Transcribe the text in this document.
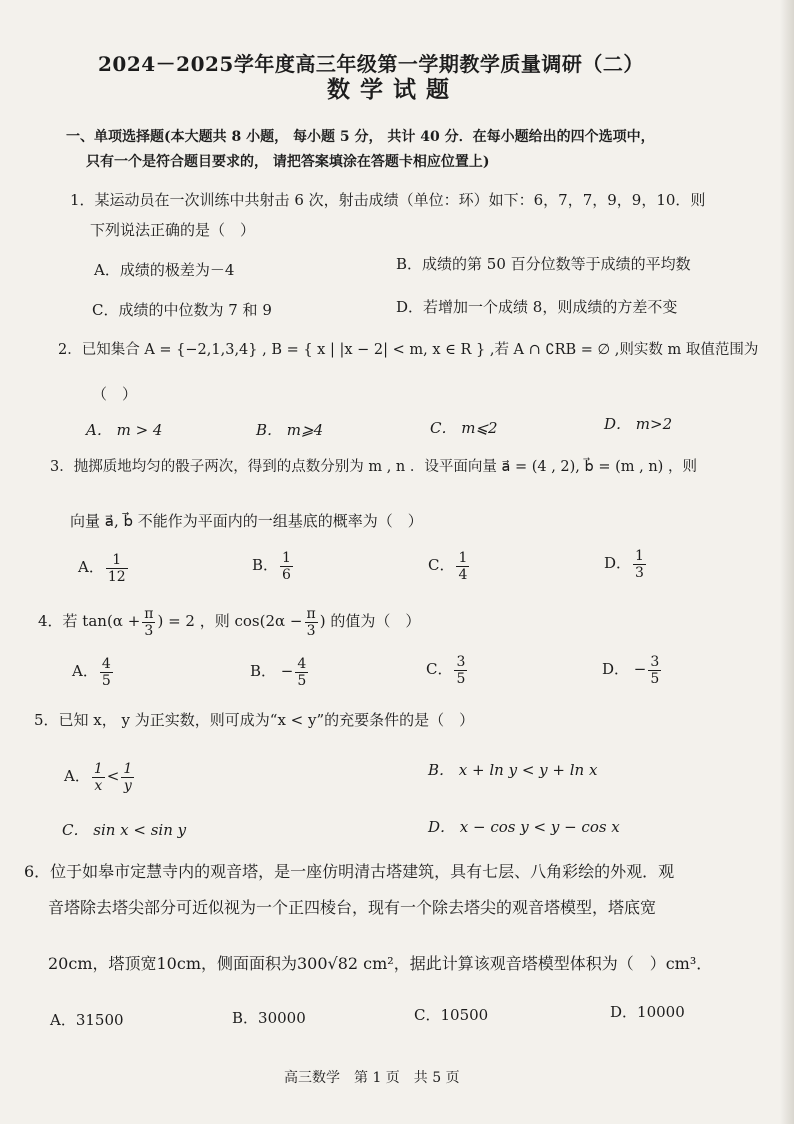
2024－2025学年度高三年级第一学期教学质量调研（二）
数学试题
一、单项选择题(本大题共 8 小题， 每小题 5 分， 共计 40 分．在每小题给出的四个选项中，
只有一个是符合题目要求的， 请把答案填涂在答题卡相应位置上)
1．某运动员在一次训练中共射击 6 次，射击成绩（单位：环）如下：6，7，7，9，9，10．则
下列说法正确的是（　）
A．成绩的极差为－4	B．成绩的第 50 百分位数等于成绩的平均数
C．成绩的中位数为 7 和 9	D．若增加一个成绩 8，则成绩的方差不变
2．已知集合 A = {−2,1,3,4} , B = { x | |x − 2| < m, x ∈ R } ,若 A ∩ ∁RB = ∅ ,则实数 m 取值范围为
（　）
A． m > 4	B． m⩾4	C． m⩽2	D． m>2
3．抛掷质地均匀的骰子两次，得到的点数分别为 m , n ．设平面向量 a⃗ = (4 , 2), b⃗ = (m , n) ，则
向量 a⃗, b⃗ 不能作为平面内的一组基底的概率为（　）
A． $\frac{1}{12}$	B． $\frac{1}{6}$	C． $\frac{1}{4}$	D． $\frac{1}{3}$
4．若 $\tan(\alpha + \frac{\pi}{3}$ ) = 2 ，则 $\cos(2\alpha - \frac{\pi}{3}$ ) 的值为（　）
A． $\frac{4}{5}$	B． − $\frac{4}{5}$	C． $\frac{3}{5}$	D． − $\frac{3}{5}$
5．已知 x， y 为正实数，则可成为“x < y”的充要条件的是（　）
A． $\frac{1}{x} < \frac{1}{y}$	B． x + ln y < y + ln x
C． sin x < sin y	D． x − cos y < y − cos x
6．位于如皋市定慧寺内的观音塔，是一座仿明清古塔建筑，具有七层、八角彩绘的外观．观
音塔除去塔尖部分可近似视为一个正四棱台，现有一个除去塔尖的观音塔模型，塔底宽
20cm，塔顶宽10cm，侧面面积为300√82 cm²，据此计算该观音塔模型体积为（　）cm³．
A．31500	B．30000	C．10500	D．10000
高三数学　第 1 页　共 5 页
